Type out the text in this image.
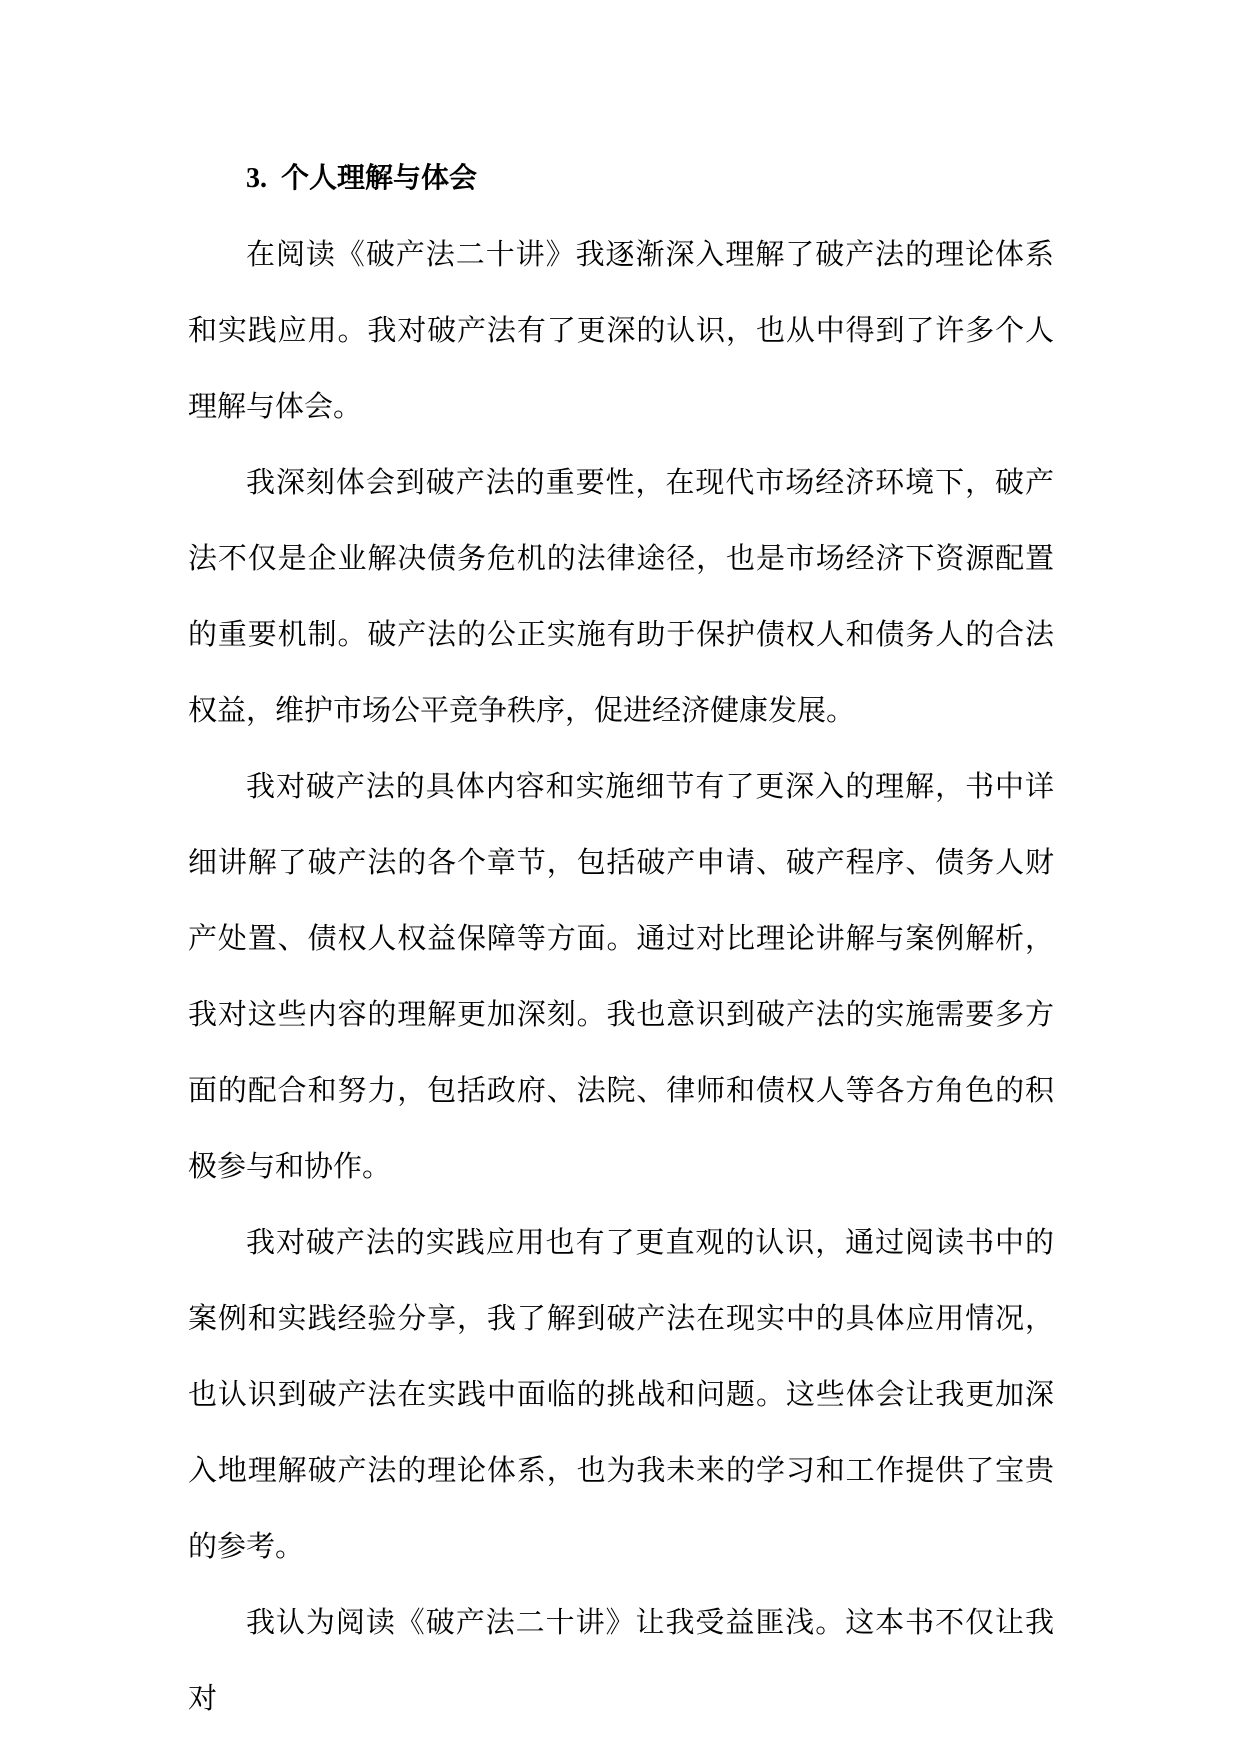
3. 个人理解与体会

在阅读《破产法二十讲》我逐渐深入理解了破产法的理论体系和实践应用。我对破产法有了更深的认识，也从中得到了许多个人理解与体会。

我深刻体会到破产法的重要性，在现代市场经济环境下，破产法不仅是企业解决债务危机的法律途径，也是市场经济下资源配置的重要机制。破产法的公正实施有助于保护债权人和债务人的合法权益，维护市场公平竞争秩序，促进经济健康发展。

我对破产法的具体内容和实施细节有了更深入的理解，书中详细讲解了破产法的各个章节，包括破产申请、破产程序、债务人财产处置、债权人权益保障等方面。通过对比理论讲解与案例解析，我对这些内容的理解更加深刻。我也意识到破产法的实施需要多方面的配合和努力，包括政府、法院、律师和债权人等各方角色的积极参与和协作。

我对破产法的实践应用也有了更直观的认识，通过阅读书中的案例和实践经验分享，我了解到破产法在现实中的具体应用情况，也认识到破产法在实践中面临的挑战和问题。这些体会让我更加深入地理解破产法的理论体系，也为我未来的学习和工作提供了宝贵的参考。

我认为阅读《破产法二十讲》让我受益匪浅。这本书不仅让我对
